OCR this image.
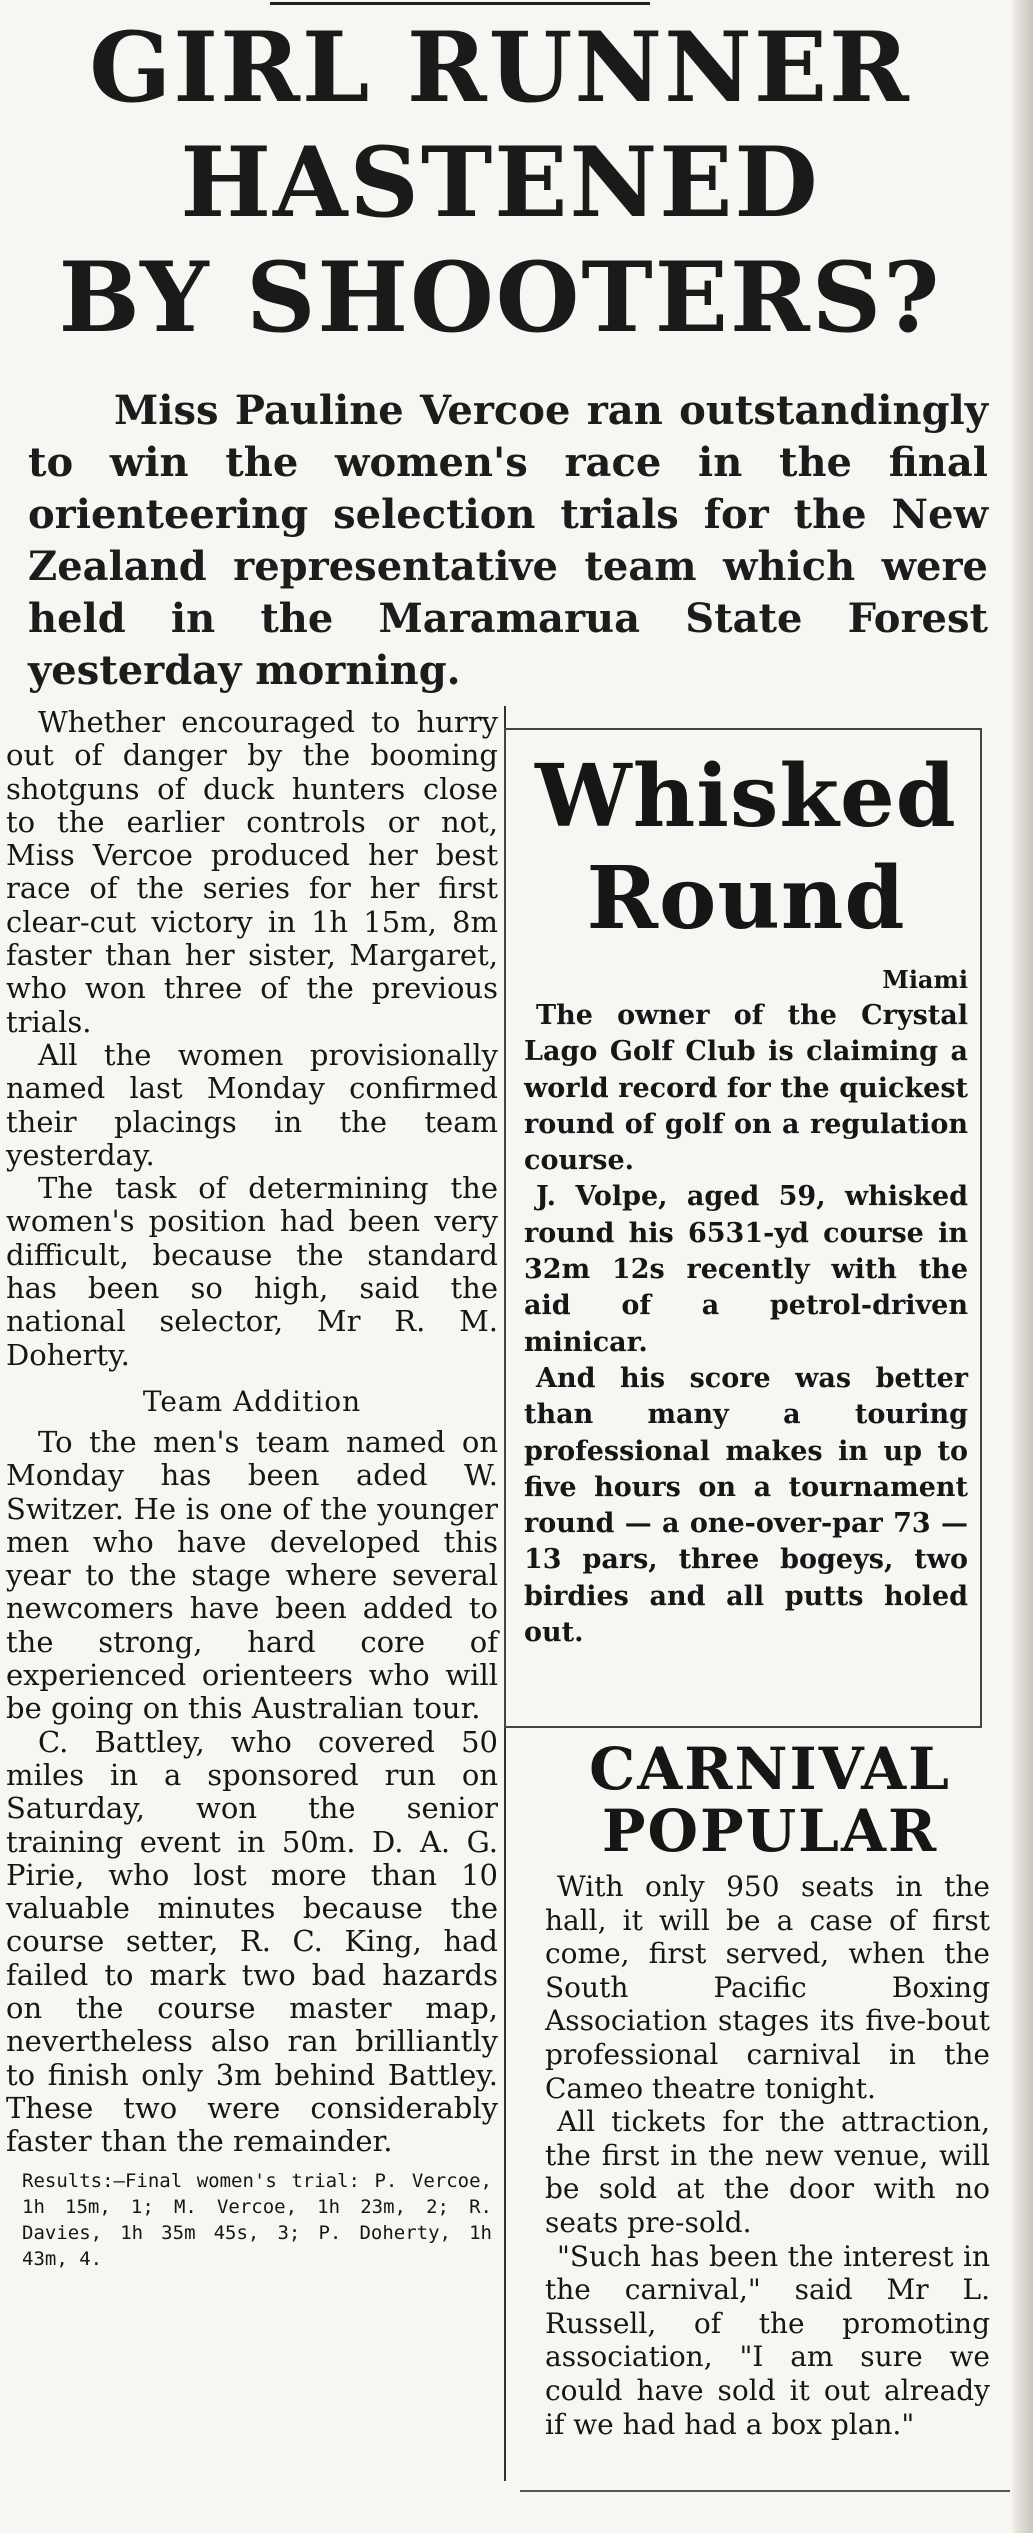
GIRL RUNNER
HASTENED
BY SHOOTERS?

Miss Pauline Vercoe ran outstandingly to win the women's race in the final orienteering selection trials for the New Zealand representative team which were held in the Maramarua State Forest yesterday morning.

Whether encouraged to hurry out of danger by the booming shotguns of duck hunters close to the earlier controls or not, Miss Vercoe produced her best race of the series for her first clear-cut victory in 1h 15m, 8m faster than her sister, Margaret, who won three of the previous trials.

All the women provisionally named last Monday confirmed their placings in the team yesterday.

The task of determining the women's position had been very difficult, because the standard has been so high, said the national selector, Mr R. M. Doherty.

Team Addition

To the men's team named on Monday has been aded W. Switzer. He is one of the younger men who have developed this year to the stage where several newcomers have been added to the strong, hard core of experienced orienteers who will be going on this Australian tour.

C. Battley, who covered 50 miles in a sponsored run on Saturday, won the senior training event in 50m. D. A. G. Pirie, who lost more than 10 valuable minutes because the course setter, R. C. King, had failed to mark two bad hazards on the course master map, nevertheless also ran brilliantly to finish only 3m behind Battley. These two were considerably faster than the remainder.

Results:—Final women's trial: P. Vercoe, 1h 15m, 1; M. Vercoe, 1h 23m, 2; R. Davies, 1h 35m 45s, 3; P. Doherty, 1h 43m, 4.
Whisked
Round
Miami

The owner of the Crystal Lago Golf Club is claiming a world record for the quickest round of golf on a regulation course.

J. Volpe, aged 59, whisked round his 6531-yd course in 32m 12s recently with the aid of a petrol-driven minicar.

And his score was better than many a touring professional makes in up to five hours on a tournament round — a one-over-par 73 — 13 pars, three bogeys, two birdies and all putts holed out.

CARNIVAL
POPULAR

With only 950 seats in the hall, it will be a case of first come, first served, when the South Pacific Boxing Association stages its five-bout professional carnival in the Cameo theatre tonight.

All tickets for the attraction, the first in the new venue, will be sold at the door with no seats pre-sold.

"Such has been the interest in the carnival," said Mr L. Russell, of the promoting association, "I am sure we could have sold it out already if we had had a box plan."
